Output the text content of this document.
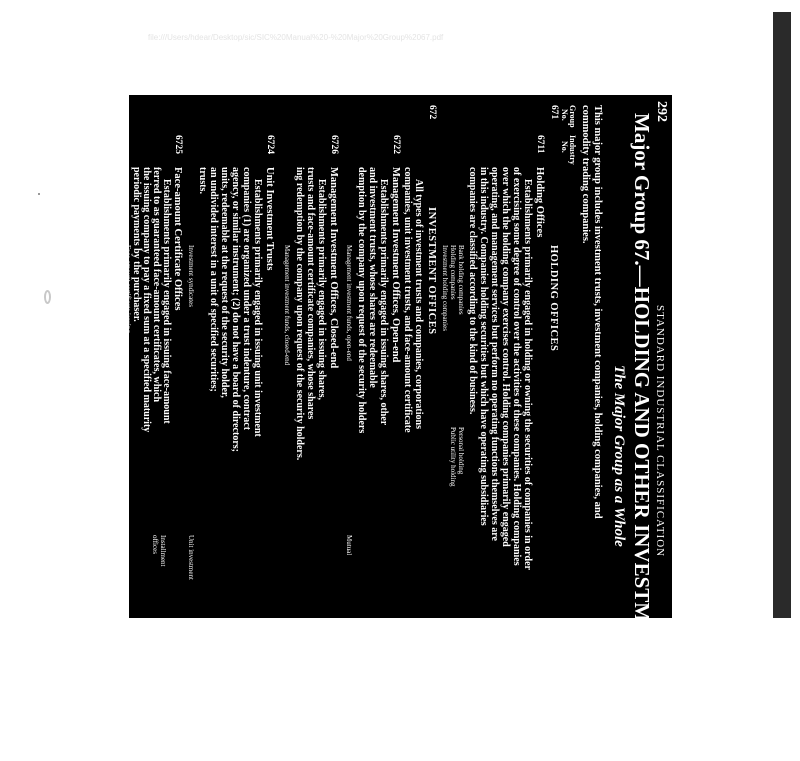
file:///Users/hdear/Desktop/sic/SIC%20Manual%20-%20Major%20Group%2067.pdf
292
STANDARD INDUSTRIAL CLASSIFICATION
Major Group 67.—HOLDING AND OTHER INVESTMENT OFFICES
The Major Group as a Whole
This major group includes investment trusts, investment companies, holding companies, and
commodity trading companies.
Group
Industry
No.
No.
671
HOLDING OFFICES
6711
Holding Offices
Establishments primarily engaged in holding or owning the securities of companies in order
of exercising some degree of control over the activities of these companies. Holding companies
over which the holding company exercises control. Holding companies primarily engaged
operating, and management services but perform no operating functions themselves are
in this industry. Companies holding securities but which have operating subsidiaries
companies are classified according to the kind of business.
Bank holding companies
Holding companies
Investment holding companies
Personal holding
Public utility holding
672
INVESTMENT OFFICES
All types of investment trusts and companies, corporations
companies, unit investment trusts, and face-amount certificate
6722
Management Investment Offices, Open-end
Establishments primarily engaged in issuing shares, other
and investment trusts, whose shares are redeemable
demption by the company upon request of the security holders
Management investment funds, open-end
Mutual
6726
Management Investment Offices, Closed-end
Establishments primarily engaged in issuing shares,
trusts and face-amount certificate companies, whose shares
ing redemption by the company upon request of the security holders.
Management investment funds, closed-end
6724
Unit Investment Trusts
Establishments primarily engaged in issuing unit investment
companies (1) are organized under a trust indenture, contract
agency, or similar instrument; (2) do not have a board of directors;
units, redeemable at the request of the security holder,
an undivided interest in a unit of specified securities;
trusts.
Investment syndicates
Unit investment
6725
Face-amount Certificate Offices
Establishments primarily engaged in issuing face-amount
ferred to as guaranteed face-amount certificates, which
the issuing company to pay a fixed sum at a specified maturity
periodic payments by the purchaser.
Installment
offices
Face-amount certificate issuing
